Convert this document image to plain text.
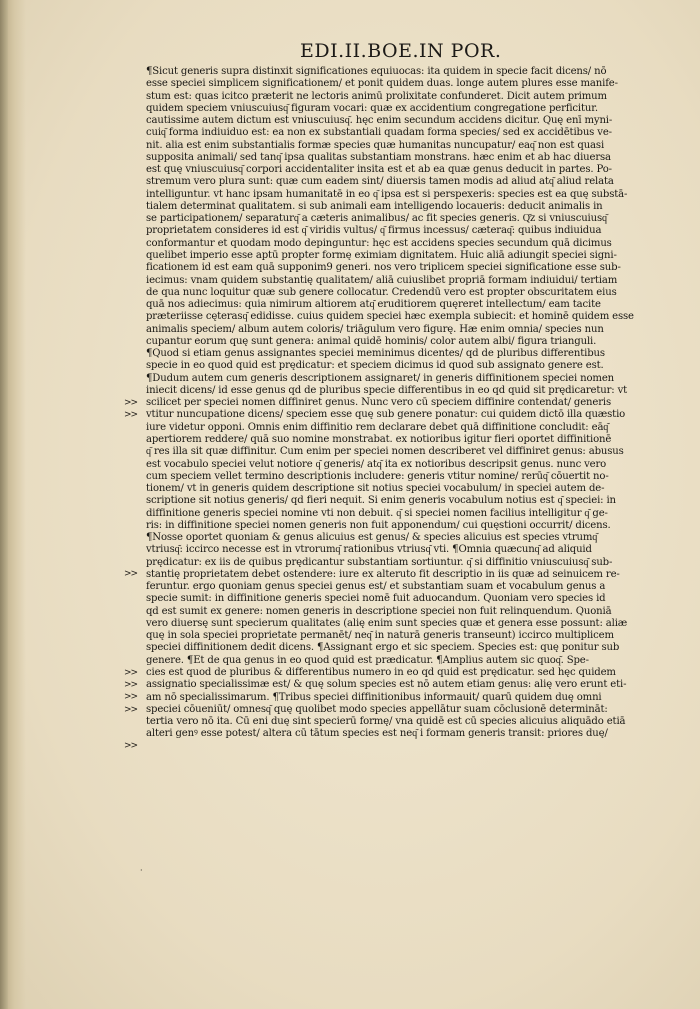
EDI.II.BOE.IN POR.
>>
>>
>>
>>
>>
>>
>>
>>
¶Sicut generis supra distinxit significationes equiuocas: ita quidem in specie facit dicens/ nō
esse speciei simplicem significationem/ et ponit quidem duas. longe autem plures esse manife-
stum est: quas icitco præterit ne lectoris animū prolixitate confunderet. Dicit autem primum
quidem speciem vniuscuiusq͂ figuram vocari: quæ ex accidentium congregatione perficitur.
cautissime autem dictum est vniuscuiusq͂. hęc enim secundum accidens dicitur. Quę enī myni-
cuiq͂ forma indiuiduo est: ea non ex substantiali quadam forma species/ sed ex accidētibus ve-
nit. alia est enim substantialis formæ species quæ humanitas nuncupatur/ eaq͂ non est quasi
supposita animali/ sed tanq͂ ipsa qualitas substantiam monstrans. hæc enim et ab hac diuersa
est quę vniuscuiusq͂ corpori accidentaliter insita est et ab ea quæ genus deducit in partes. Po-
stremum vero plura sunt: quæ cum eadem sint/ diuersis tamen modis ad aliud atq͂ aliud relata
intelliguntur. vt hanc ipsam humanitatē in eo q͂ ipsa est si perspexeris: species est ea quę substā-
tialem determinat qualitatem. si sub animali eam intelligendo locaueris: deducit animalis in
se participationem/ separaturq͂ a cæteris animalibus/ ac fit species generis. Q͂z si vniuscuiusq͂
proprietatem consideres id est q͂ viridis vultus/ q͂ firmus incessus/ cæteraq͂: quibus indiuidua
conformantur et quodam modo depinguntur: hęc est accidens species secundum quā dicimus
quelibet imperio esse aptū propter formę eximiam dignitatem. Huic aliā adiungit speciei signi-
ficationem id est eam quā supponim9 generi. nos vero triplicem speciei significatione esse sub-
iecimus: vnam quidem substantię qualitatem/ aliā cuiuslibet propriā formam indiuidui/ tertiam
de qua nunc loquitur quæ sub genere collocatur. Credendū vero est propter obscuritatem eius
quā nos adiecimus: quia nimirum altiorem atq͂ eruditiorem quęreret intellectum/ eam tacite
præteriisse cęterasq͂ edidisse. cuius quidem speciei hæc exempla subiecit: et hominē quidem esse
animalis speciem/ album autem coloris/ triāgulum vero figurę. Hæ enim omnia/ species nun
cupantur eorum quę sunt genera: animal quidē hominis/ color autem albi/ figura trianguli.
¶Quod si etiam genus assignantes speciei meminimus dicentes/ qd de pluribus differentibus
specie in eo quod quid est prędicatur: et speciem dicimus id quod sub assignato genere est.
¶Dudum autem cum generis descriptionem assignaret/ in generis diffinitionem speciei nomen
iniecit dicens/ id esse genus qd de pluribus specie differentibus in eo qd quid sit prędicaretur: vt
scilicet per speciei nomen diffiniret genus. Nunc vero cū speciem diffinire contendat/ generis
vtitur nuncupatione dicens/ speciem esse quę sub genere ponatur: cui quidem dictō illa quæstio
iure videtur opponi. Omnis enim diffinitio rem declarare debet quā diffinitione concludit: eāq͂
apertiorem reddere/ quā suo nomine monstrabat. ex notioribus igitur fieri oportet diffinitionē
q͂ res illa sit quæ diffinitur. Cum enim per speciei nomen describeret vel diffiniret genus: abusus
est vocabulo speciei velut notiore q͂ generis/ atq͂ ita ex notioribus descripsit genus. nunc vero
cum speciem vellet termino descriptionis includere: generis vtitur nomine/ rerūq͂ cōuertit no-
tionem/ vt in generis quidem descriptione sit notius speciei vocabulum/ in speciei autem de-
scriptione sit notius generis/ qd fieri nequit. Si enim generis vocabulum notius est q͂ speciei: in
diffinitione generis speciei nomine vti non debuit. q͂ si speciei nomen facilius intelligitur q͂ ge-
ris: in diffinitione speciei nomen generis non fuit apponendum/ cui quęstioni occurrit/ dicens.
¶Nosse oportet quoniam & genus alicuius est genus/ & species alicuius est species vtrumq͂
vtriusq͂: iccirco necesse est in vtrorumq͂ rationibus vtriusq͂ vti. ¶Omnia quæcunq͂ ad aliquid
prędicatur: ex iis de quibus prędicantur substantiam sortiuntur. q͂ si diffinitio vniuscuiusq͂ sub-
stantię proprietatem debet ostendere: iure ex alteruto fit descriptio in iis quæ ad seinuicem re-
feruntur. ergo quoniam genus speciei genus est/ et substantiam suam et vocabulum genus a
specie sumit: in diffinitione generis speciei nomē fuit aduocandum. Quoniam vero species id
qd est sumit ex genere: nomen generis in descriptione speciei non fuit relinquendum. Quoniā
vero diuersę sunt specierum qualitates (alię enim sunt species quæ et genera esse possunt: aliæ
quę in sola speciei proprietate permanēt/ neq͂ in naturā generis transeunt) iccirco multiplicem
speciei diffinitionem dedit dicens. ¶Assignant ergo et sic speciem. Species est: quę ponitur sub
genere. ¶Et de qua genus in eo quod quid est prædicatur. ¶Amplius autem sic quoq͂. Spe-
cies est quod de pluribus & differentibus numero in eo qd quid est prędicatur. sed hęc quidem
assignatio specialissimæ est/ & quę solum species est nō autem etiam genus: alię vero erunt eti-
am nō specialissimarum. ¶Tribus speciei diffinitionibus informauit/ quarū quidem duę omni
speciei cōueniūt/ omnesq͂ quę quolibet modo species appellātur suam cōclusionē determināt:
tertia vero nō ita. Cū eni duę sint specierū formę/ vna quidē est cū species alicuius aliquādo etiā
alteri genꝰ esse potest/ altera cū tātum species est neq͂ i formam generis transit: priores duę/
·
